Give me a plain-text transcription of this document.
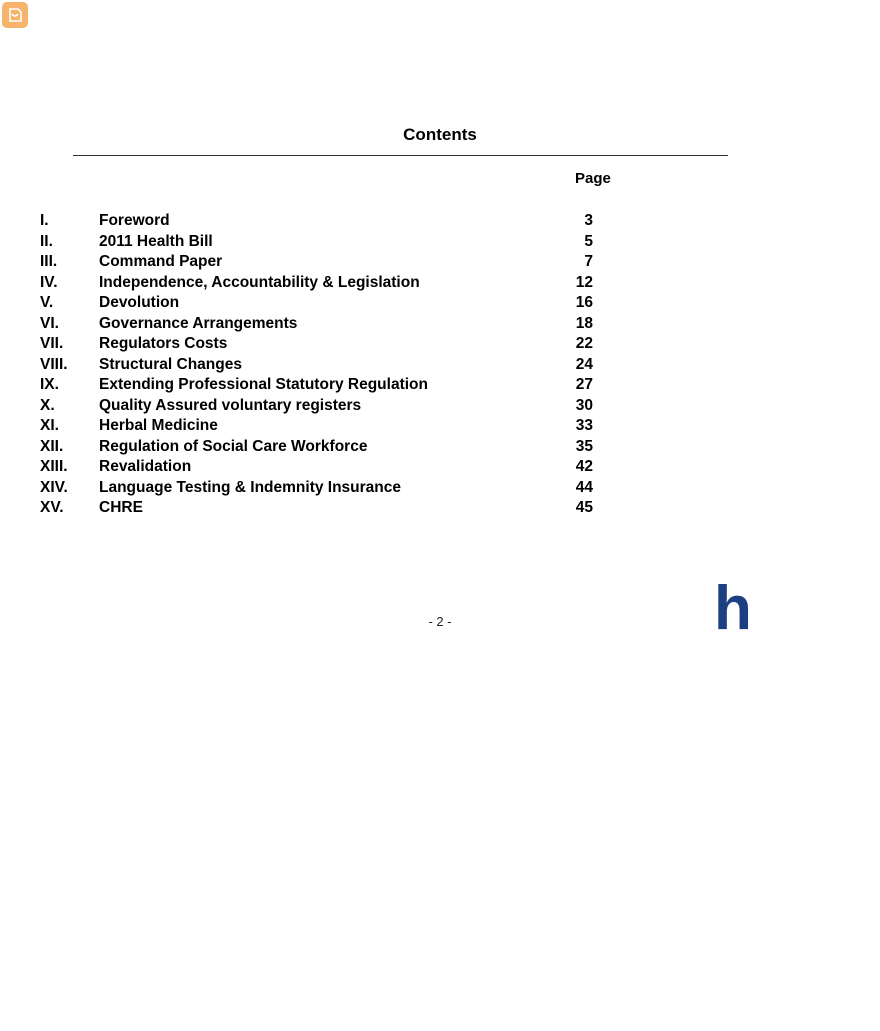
Contents
Page
I.	Foreword	3
II.	2011 Health Bill	5
III.	Command Paper	7
IV.	Independence, Accountability & Legislation	12
V.	Devolution	16
VI.	Governance Arrangements	18
VII. Regulators Costs	22
VIII. Structural Changes	24
IX.	Extending Professional Statutory Regulation	27
X.	Quality Assured voluntary registers	30
XI.	Herbal Medicine	33
XII. Regulation of Social Care Workforce	35
XIII. Revalidation	42
XIV. Language Testing & Indemnity Insurance	44
XV. CHRE	45
- 2 -	h
